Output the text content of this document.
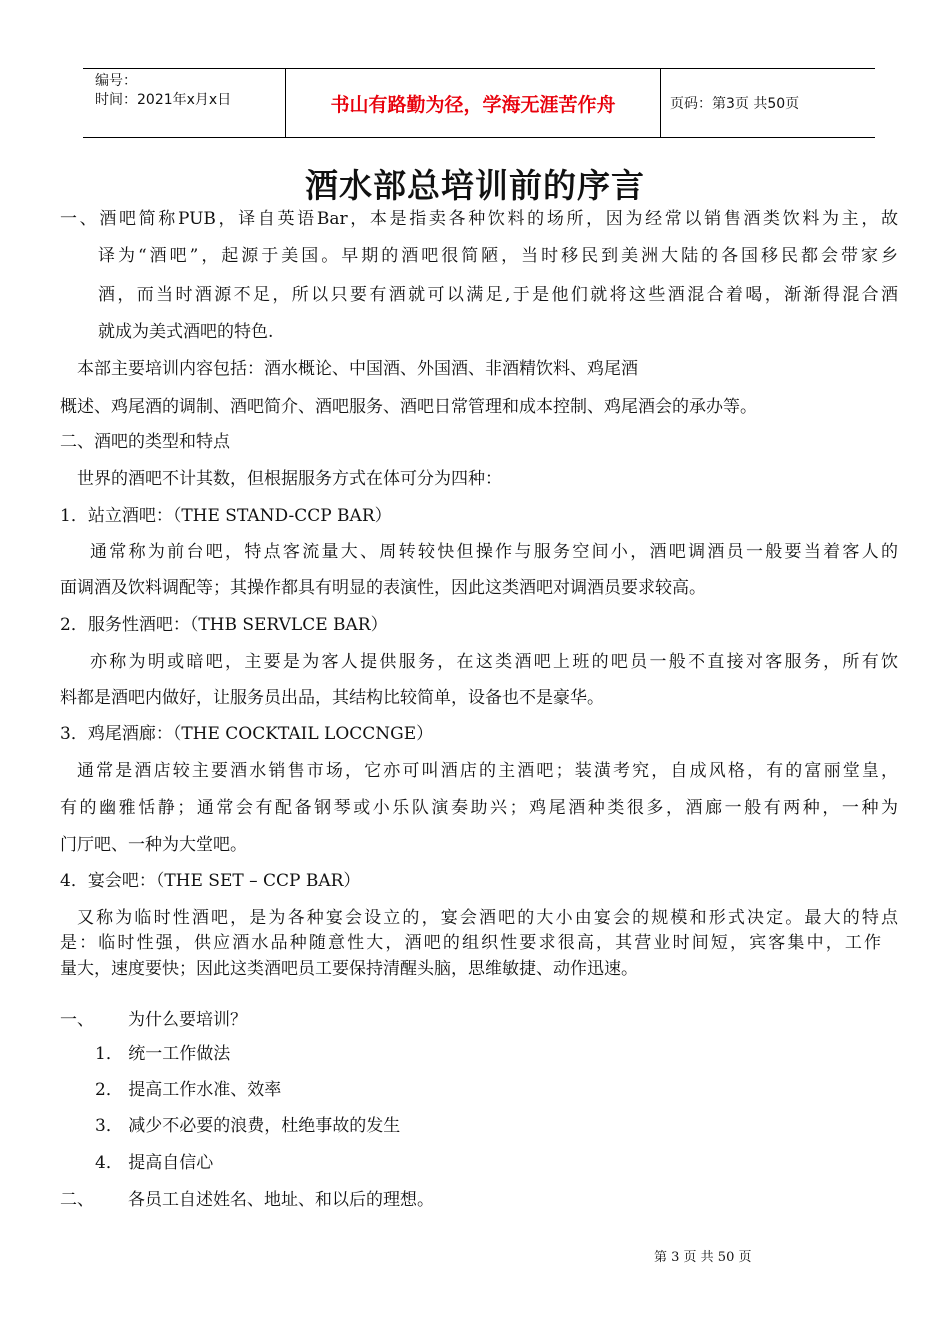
编号：
时间：2021年x月x日	书山有路勤为径，学海无涯苦作舟	页码：第3页 共50页
酒水部总培训前的序言
一、酒吧简称PUB，译自英语Bar，本是指卖各种饮料的场所，因为经常以销售酒类饮料为主，故
译为“酒吧”，起源于美国。早期的酒吧很简陋，当时移民到美洲大陆的各国移民都会带家乡
酒，而当时酒源不足，所以只要有酒就可以满足,于是他们就将这些酒混合着喝，渐渐得混合酒
就成为美式酒吧的特色.
本部主要培训内容包括：酒水概论、中国酒、外国酒、非酒精饮料、鸡尾酒
概述、鸡尾酒的调制、酒吧简介、酒吧服务、酒吧日常管理和成本控制、鸡尾酒会的承办等。
二、酒吧的类型和特点
世界的酒吧不计其数，但根据服务方式在体可分为四种：
1．站立酒吧：（THE STAND-CCP BAR）
通常称为前台吧，特点客流量大、周转较快但操作与服务空间小，酒吧调酒员一般要当着客人的
面调酒及饮料调配等；其操作都具有明显的表演性，因此这类酒吧对调酒员要求较高。
2．服务性酒吧：（THB SERVLCE BAR）
亦称为明或暗吧，主要是为客人提供服务，在这类酒吧上班的吧员一般不直接对客服务，所有饮
料都是酒吧内做好，让服务员出品，其结构比较简单，设备也不是豪华。
3．鸡尾酒廊：（THE COCKTAIL LOCCNGE）
通常是酒店较主要酒水销售市场，它亦可叫酒店的主酒吧；装潢考究，自成风格，有的富丽堂皇，
有的幽雅恬静；通常会有配备钢琴或小乐队演奏助兴；鸡尾酒种类很多，酒廊一般有两种，一种为
门厅吧、一种为大堂吧。
4．宴会吧：（THE SET – CCP BAR）
又称为临时性酒吧，是为各种宴会设立的，宴会酒吧的大小由宴会的规模和形式决定。最大的特点
是：临时性强，供应酒水品种随意性大，酒吧的组织性要求很高，其营业时间短，宾客集中，工作
量大，速度要快；因此这类酒吧员工要保持清醒头脑，思维敏捷、动作迅速。
一、 为什么要培训？
1． 统一工作做法
2． 提高工作水准、效率
3． 减少不必要的浪费，杜绝事故的发生
4． 提高自信心
二、 各员工自述姓名、地址、和以后的理想。
第 3 页 共 50 页
